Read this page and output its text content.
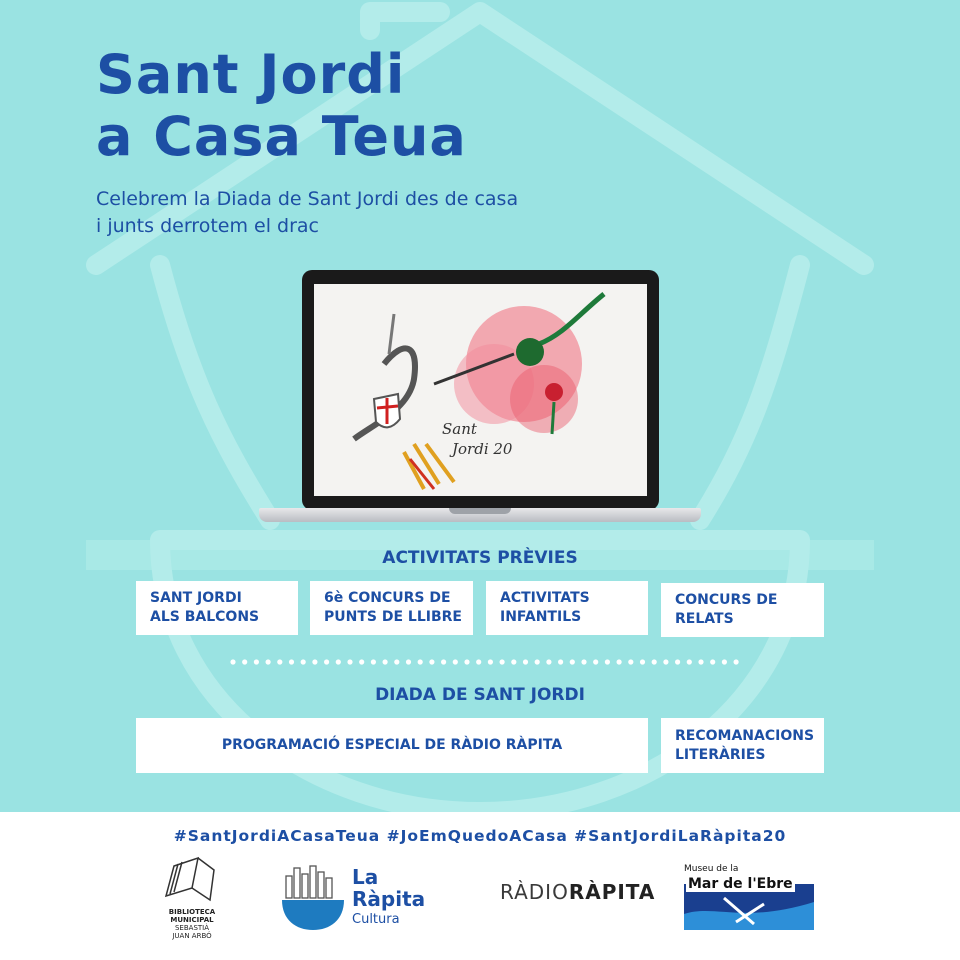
Sant Jordi
a Casa Teua
Celebrem la Diada de Sant Jordi des de casa
i junts derrotem el drac
Sant
Jordi 20
ACTIVITATS PRÈVIES
SANT JORDI
ALS BALCONS
6è CONCURS DE
PUNTS DE LLIBRE
ACTIVITATS
INFANTILS
CONCURS DE
RELATS
DIADA DE SANT JORDI
PROGRAMACIÓ ESPECIAL DE RÀDIO RÀPITA
RECOMANACIONS
LITERÀRIES
#SantJordiACasaTeua #JoEmQuedoACasa #SantJordiLaRàpita20
BIBLIOTECA
MUNICIPAL
SEBASTIÀ
JUAN ARBÓ
La
Ràpita
Cultura
RÀDIORÀPITA
Museu de la
Mar de l'Ebre
